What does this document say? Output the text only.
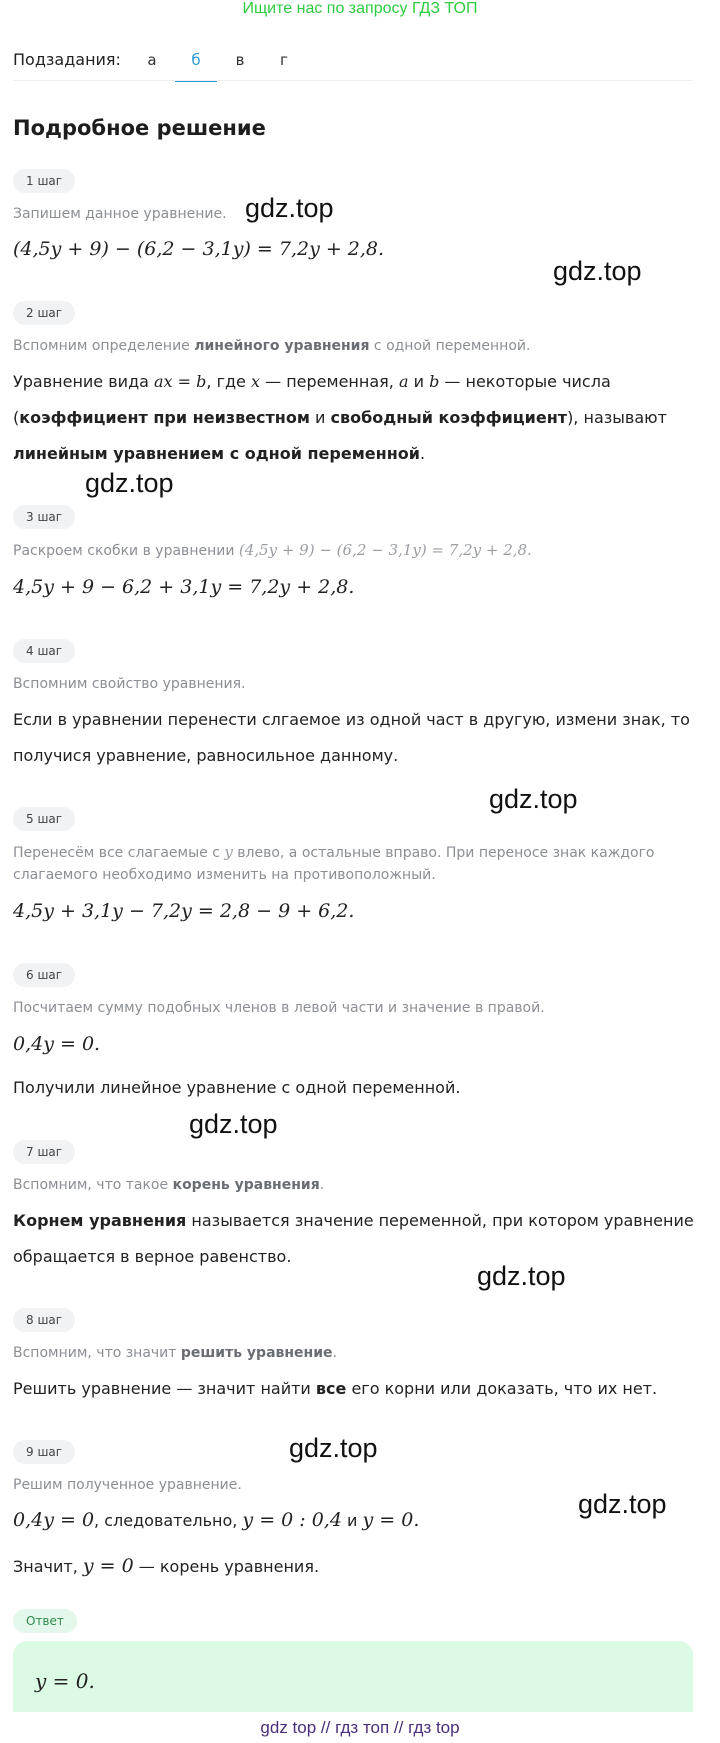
Ищите нас по запросу ГДЗ ТОП
Подзадания:	а	б	в	г
Подробное решение
1 шаг
Запишем данное уравнение.
(4,5y + 9) − (6,2 − 3,1y) = 7,2y + 2,8.
2 шаг
Вспомним определение линейного уравнения с одной переменной.
Уравнение вида ax = b, где x — переменная, a и b — некоторые числа
(коэффициент при неизвестном и свободный коэффициент), называют
линейным уравнением с одной переменной.
3 шаг
Раскроем скобки в уравнении (4,5y + 9) − (6,2 − 3,1y) = 7,2y + 2,8.
4,5y + 9 − 6,2 + 3,1y = 7,2y + 2,8.
4 шаг
Вспомним свойство уравнения.
Если в уравнении перенести слгаемое из одной част в другую, измени знак, то
получися уравнение, равносильное данному.
5 шаг
Перенесём все слагаемые с y влево, а остальные вправо. При переносе знак каждого
слагаемого необходимо изменить на противоположный.
4,5y + 3,1y − 7,2y = 2,8 − 9 + 6,2.
6 шаг
Посчитаем сумму подобных членов в левой части и значение в правой.
0,4y = 0.
Получили линейное уравнение с одной переменной.
7 шаг
Вспомним, что такое корень уравнения.
Корнем уравнения называется значение переменной, при котором уравнение
обращается в верное равенство.
8 шаг
Вспомним, что значит решить уравнение.
Решить уравнение — значит найти все его корни или доказать, что их нет.
9 шаг
Решим полученное уравнение.
0,4y = 0, следовательно, y = 0 : 0,4 и y = 0.
Значит, y = 0 — корень уравнения.
Ответ
y = 0.
gdz.top
gdz.top
gdz.top
gdz.top
gdz.top
gdz.top
gdz.top
gdz.top
gdz top // гдз топ // гдз top
